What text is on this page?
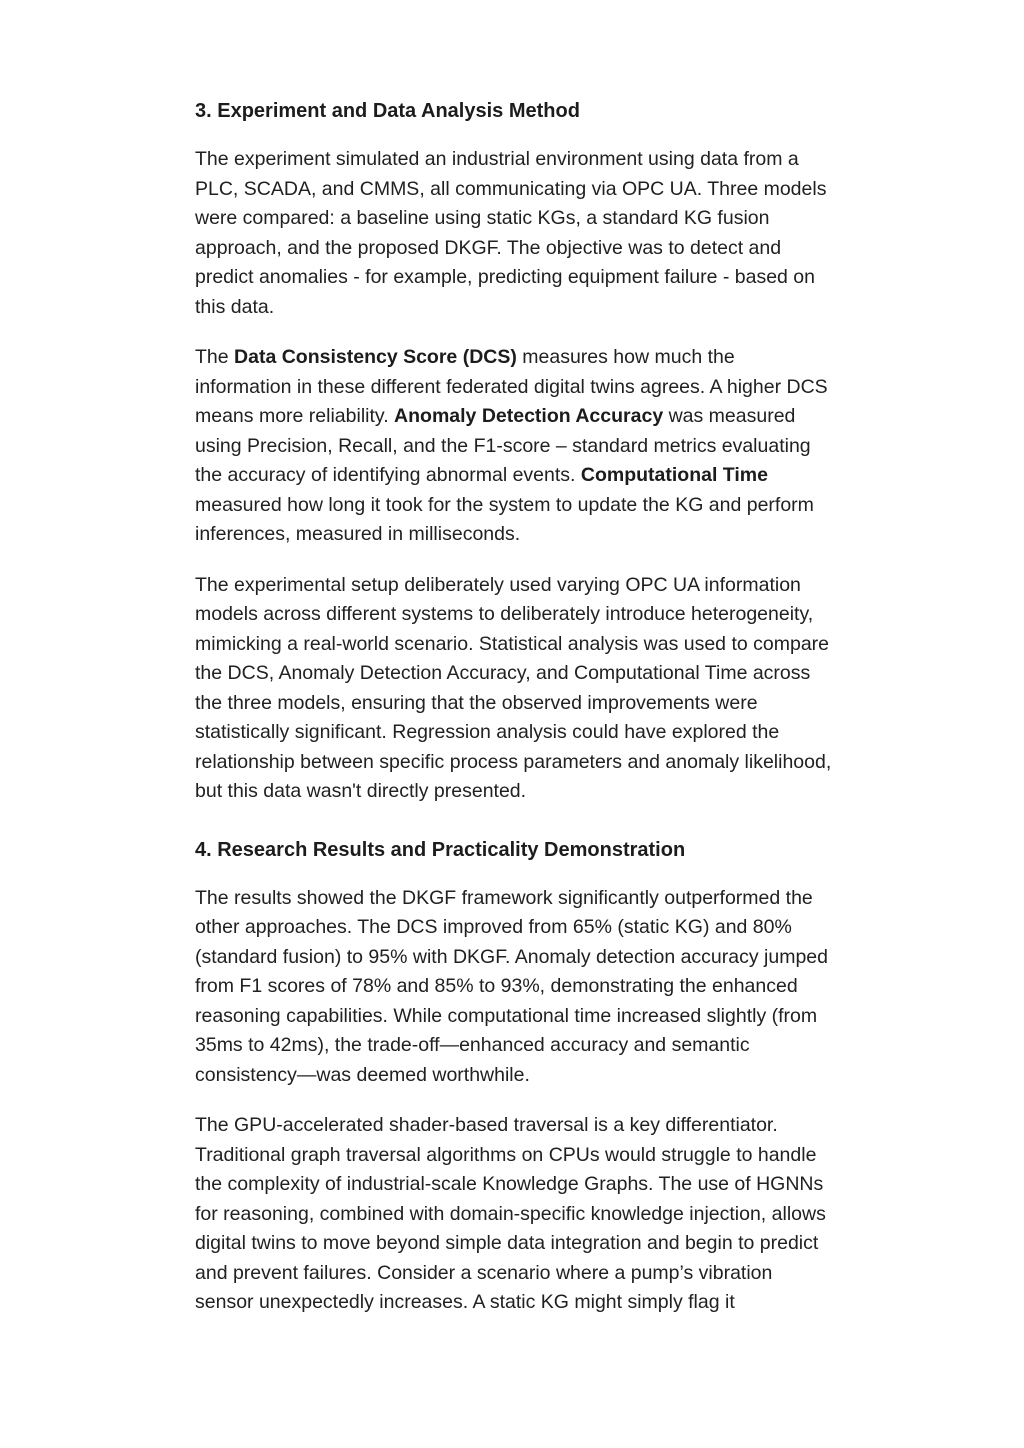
3. Experiment and Data Analysis Method

The experiment simulated an industrial environment using data from a PLC, SCADA, and CMMS, all communicating via OPC UA. Three models were compared: a baseline using static KGs, a standard KG fusion approach, and the proposed DKGF. The objective was to detect and predict anomalies - for example, predicting equipment failure - based on this data.

The Data Consistency Score (DCS) measures how much the information in these different federated digital twins agrees. A higher DCS means more reliability. Anomaly Detection Accuracy was measured using Precision, Recall, and the F1-score – standard metrics evaluating the accuracy of identifying abnormal events. Computational Time measured how long it took for the system to update the KG and perform inferences, measured in milliseconds.

The experimental setup deliberately used varying OPC UA information models across different systems to deliberately introduce heterogeneity, mimicking a real-world scenario. Statistical analysis was used to compare the DCS, Anomaly Detection Accuracy, and Computational Time across the three models, ensuring that the observed improvements were statistically significant. Regression analysis could have explored the relationship between specific process parameters and anomaly likelihood, but this data wasn't directly presented.

4. Research Results and Practicality Demonstration

The results showed the DKGF framework significantly outperformed the other approaches. The DCS improved from 65% (static KG) and 80% (standard fusion) to 95% with DKGF. Anomaly detection accuracy jumped from F1 scores of 78% and 85% to 93%, demonstrating the enhanced reasoning capabilities. While computational time increased slightly (from 35ms to 42ms), the trade-off—enhanced accuracy and semantic consistency—was deemed worthwhile.

The GPU-accelerated shader-based traversal is a key differentiator. Traditional graph traversal algorithms on CPUs would struggle to handle the complexity of industrial-scale Knowledge Graphs. The use of HGNNs for reasoning, combined with domain-specific knowledge injection, allows digital twins to move beyond simple data integration and begin to predict and prevent failures. Consider a scenario where a pump’s vibration sensor unexpectedly increases. A static KG might simply flag it
